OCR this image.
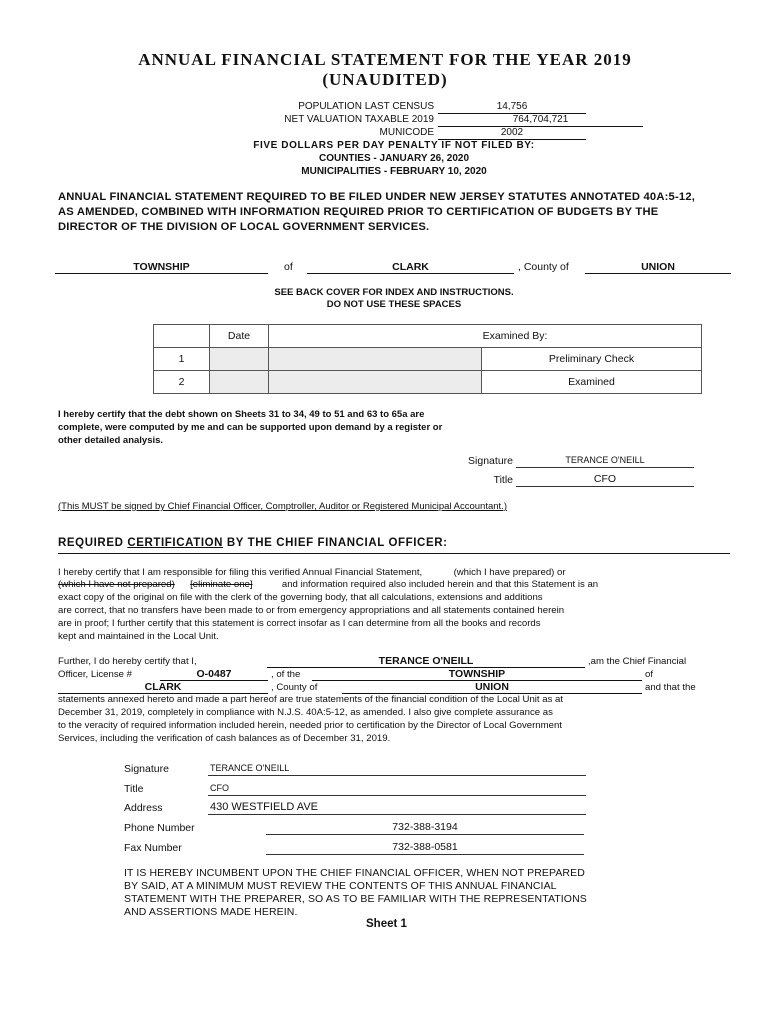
ANNUAL FINANCIAL STATEMENT FOR THE YEAR 2019
(UNAUDITED)
POPULATION LAST CENSUS	14,756
NET VALUATION TAXABLE 2019	764,704,721
MUNICODE	2002
FIVE DOLLARS PER DAY PENALTY IF NOT FILED BY:
COUNTIES - JANUARY 26, 2020
MUNICIPALITIES - FEBRUARY 10, 2020
ANNUAL FINANCIAL STATEMENT REQUIRED TO BE FILED UNDER NEW JERSEY STATUTES ANNOTATED 40A:5-12, AS AMENDED, COMBINED WITH INFORMATION REQUIRED PRIOR TO CERTIFICATION OF BUDGETS BY THE DIRECTOR OF THE DIVISION OF LOCAL GOVERNMENT SERVICES.
TOWNSHIP	of	CLARK	, County of	UNION
SEE BACK COVER FOR INDEX AND INSTRUCTIONS.
DO NOT USE THESE SPACES
	Date	Examined By:	
1			Preliminary Check
2			Examined
I hereby certify that the debt shown on Sheets 31 to 34, 49 to 51 and 63 to 65a are
complete, were computed by me and can be supported upon demand by a register or
other detailed analysis.
Signature	TERANCE O'NEILL
Title	CFO
(This MUST be signed by Chief Financial Officer, Comptroller, Auditor or Registered Municipal Accountant.)
REQUIRED CERTIFICATION BY THE CHIEF FINANCIAL OFFICER:
I hereby certify that I am responsible for filing this verified Annual Financial Statement,	(which I have prepared) or
(which I have not prepared) [eliminate one]	and information required also included herein and that this Statement is an
exact copy of the original on file with the clerk of the governing body, that all calculations, extensions and additions
are correct, that no transfers have been made to or from emergency appropriations and all statements contained herein
are in proof; I further certify that this statement is correct insofar as I can determine from all the books and records
kept and maintained in the Local Unit.
Further, I do hereby certify that I,	TERANCE O'NEILL	,am the Chief Financial
Officer, License #	O-0487	, of the	TOWNSHIP	of
CLARK	, County of	UNION	and that the
statements annexed hereto and made a part hereof are true statements of the financial condition of the Local Unit as at
December 31, 2019, completely in compliance with N.J.S. 40A:5-12, as amended. I also give complete assurance as
to the veracity of required information included herein, needed prior to certification by the Director of Local Government
Services, including the verification of cash balances as of December 31, 2019.
Signature	TERANCE O'NEILL
Title	CFO
Address	430 WESTFIELD AVE
Phone Number	732-388-3194
Fax Number	732-388-0581
IT IS HEREBY INCUMBENT UPON THE CHIEF FINANCIAL OFFICER, WHEN NOT PREPARED
BY SAID, AT A MINIMUM MUST REVIEW THE CONTENTS OF THIS ANNUAL FINANCIAL
STATEMENT WITH THE PREPARER, SO AS TO BE FAMILIAR WITH THE REPRESENTATIONS
AND ASSERTIONS MADE HEREIN.
Sheet 1
